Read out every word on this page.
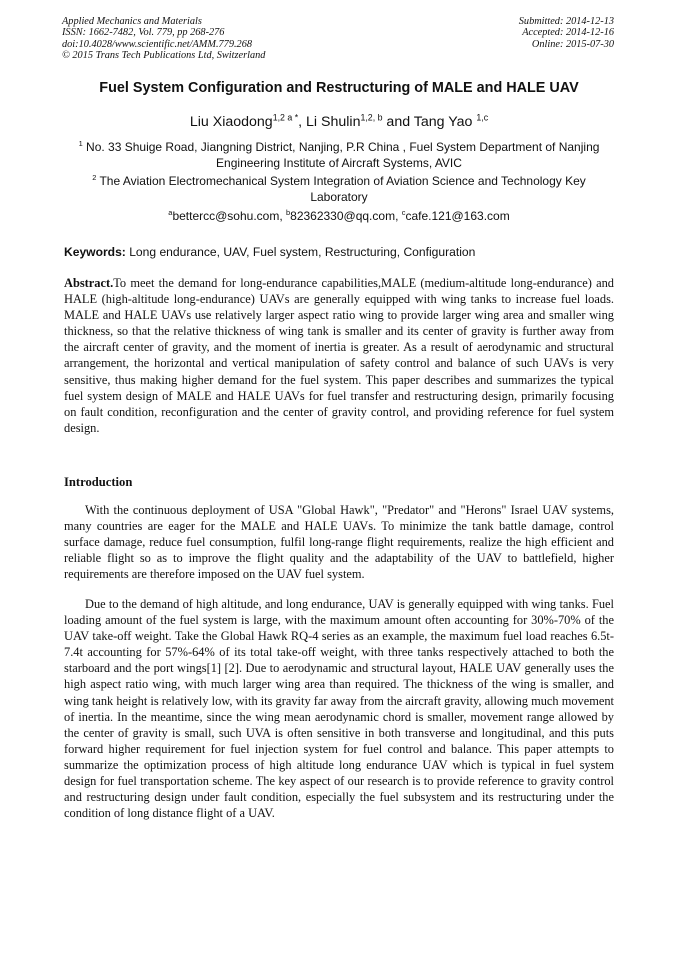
Applied Mechanics and Materials
ISSN: 1662-7482, Vol. 779, pp 268-276
doi:10.4028/www.scientific.net/AMM.779.268
© 2015 Trans Tech Publications Ltd, Switzerland
Submitted: 2014-12-13
Accepted: 2014-12-16
Online: 2015-07-30
Fuel System Configuration and Restructuring of MALE and HALE UAV
Liu Xiaodong$^{1,2 a *}$, Li Shulin$^{1,2, b}$ and Tang Yao $^{1,c}$
$^1$ No. 33 Shuige Road, Jiangning District, Nanjing, P.R China , Fuel System Department of Nanjing Engineering Institute of Aircraft Systems, AVIC
$^2$ The Aviation Electromechanical System Integration of Aviation Science and Technology Key Laboratory
$^a$bettercc@sohu.com, $^b$82362330@qq.com, $^c$cafe.121@163.com
Keywords: Long endurance, UAV, Fuel system, Restructuring, Configuration
Abstract.To meet the demand for long-endurance capabilities,MALE (medium-altitude long-endurance) and HALE (high-altitude long-endurance) UAVs are generally equipped with wing tanks to increase fuel loads. MALE and HALE UAVs use relatively larger aspect ratio wing to provide larger wing area and smaller wing thickness, so that the relative thickness of wing tank is smaller and its center of gravity is further away from the aircraft center of gravity, and the moment of inertia is greater. As a result of aerodynamic and structural arrangement, the horizontal and vertical manipulation of safety control and balance of such UAVs is very sensitive, thus making higher demand for the fuel system. This paper describes and summarizes the typical fuel system design of MALE and HALE UAVs for fuel transfer and restructuring design, primarily focusing on fault condition, reconfiguration and the center of gravity control, and providing reference for fuel system design.
Introduction
With the continuous deployment of USA "Global Hawk", "Predator" and "Herons" Israel UAV systems, many countries are eager for the MALE and HALE UAVs. To minimize the tank battle damage, control surface damage, reduce fuel consumption, fulfil long-range flight requirements, realize the high efficient and reliable flight so as to improve the flight quality and the adaptability of the UAV to battlefield, higher requirements are therefore imposed on the UAV fuel system.
Due to the demand of high altitude, and long endurance, UAV is generally equipped with wing tanks. Fuel loading amount of the fuel system is large, with the maximum amount often accounting for 30%-70% of the UAV take-off weight. Take the Global Hawk RQ-4 series as an example, the maximum fuel load reaches 6.5t-7.4t accounting for 57%-64% of its total take-off weight, with three tanks respectively attached to both the starboard and the port wings[1] [2]. Due to aerodynamic and structural layout, HALE UAV generally uses the high aspect ratio wing, with much larger wing area than required. The thickness of the wing is smaller, and wing tank height is relatively low, with its gravity far away from the aircraft gravity, allowing much movement of inertia. In the meantime, since the wing mean aerodynamic chord is smaller, movement range allowed by the center of gravity is small, such UVA is often sensitive in both transverse and longitudinal, and this puts forward higher requirement for fuel injection system for fuel control and balance. This paper attempts to summarize the optimization process of high altitude long endurance UAV which is typical in fuel system design for fuel transportation scheme. The key aspect of our research is to provide reference to gravity control and restructuring design under fault condition, especially the fuel subsystem and its restructuring under the condition of long distance flight of a UAV.
